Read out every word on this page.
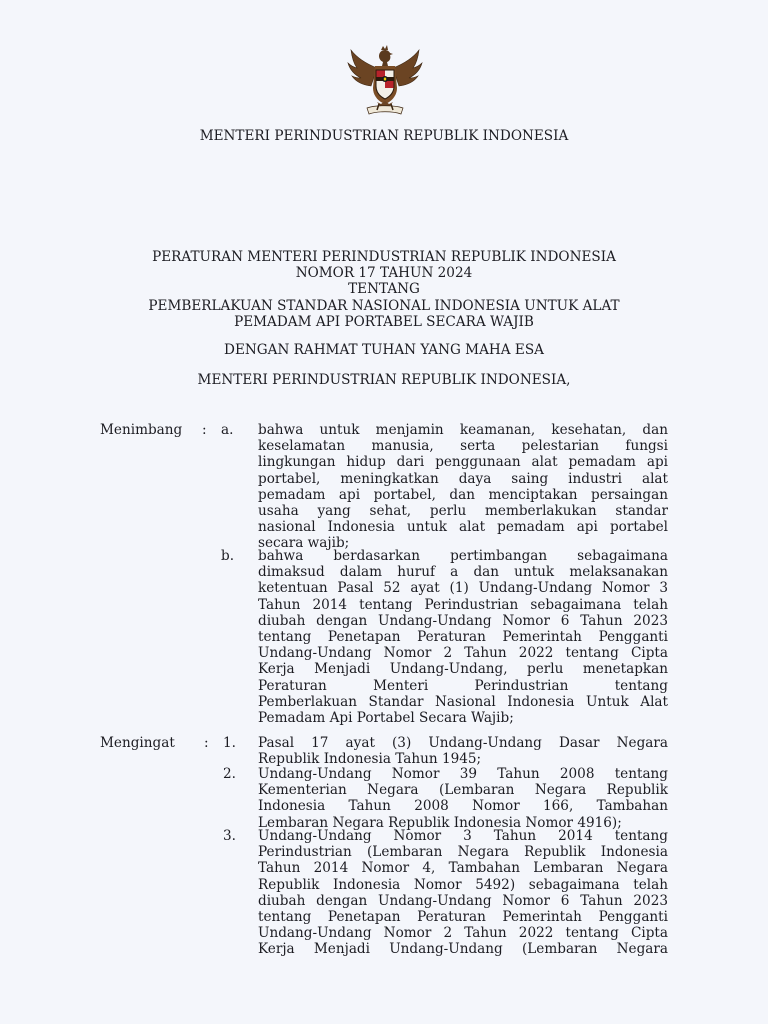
MENTERI PERINDUSTRIAN REPUBLIK INDONESIA
PERATURAN MENTERI PERINDUSTRIAN REPUBLIK INDONESIA
NOMOR 17 TAHUN 2024
TENTANG
PEMBERLAKUAN STANDAR NASIONAL INDONESIA UNTUK ALAT
PEMADAM API PORTABEL SECARA WAJIB
DENGAN RAHMAT TUHAN YANG MAHA ESA
MENTERI PERINDUSTRIAN REPUBLIK INDONESIA,
Menimbang : a. bahwa untuk menjamin keamanan, kesehatan, dan
keselamatan manusia, serta pelestarian fungsi
lingkungan hidup dari penggunaan alat pemadam api
portabel, meningkatkan daya saing industri alat
pemadam api portabel, dan menciptakan persaingan
usaha yang sehat, perlu memberlakukan standar
nasional Indonesia untuk alat pemadam api portabel
secara wajib;
b. bahwa berdasarkan pertimbangan sebagaimana
dimaksud dalam huruf a dan untuk melaksanakan
ketentuan Pasal 52 ayat (1) Undang-Undang Nomor 3
Tahun 2014 tentang Perindustrian sebagaimana telah
diubah dengan Undang-Undang Nomor 6 Tahun 2023
tentang Penetapan Peraturan Pemerintah Pengganti
Undang-Undang Nomor 2 Tahun 2022 tentang Cipta
Kerja Menjadi Undang-Undang, perlu menetapkan
Peraturan Menteri Perindustrian tentang
Pemberlakuan Standar Nasional Indonesia Untuk Alat
Pemadam Api Portabel Secara Wajib;
Mengingat : 1. Pasal 17 ayat (3) Undang-Undang Dasar Negara
Republik Indonesia Tahun 1945;
2. Undang-Undang Nomor 39 Tahun 2008 tentang
Kementerian Negara (Lembaran Negara Republik
Indonesia Tahun 2008 Nomor 166, Tambahan
Lembaran Negara Republik Indonesia Nomor 4916);
3. Undang-Undang Nomor 3 Tahun 2014 tentang
Perindustrian (Lembaran Negara Republik Indonesia
Tahun 2014 Nomor 4, Tambahan Lembaran Negara
Republik Indonesia Nomor 5492) sebagaimana telah
diubah dengan Undang-Undang Nomor 6 Tahun 2023
tentang Penetapan Peraturan Pemerintah Pengganti
Undang-Undang Nomor 2 Tahun 2022 tentang Cipta
Kerja Menjadi Undang-Undang (Lembaran Negara
